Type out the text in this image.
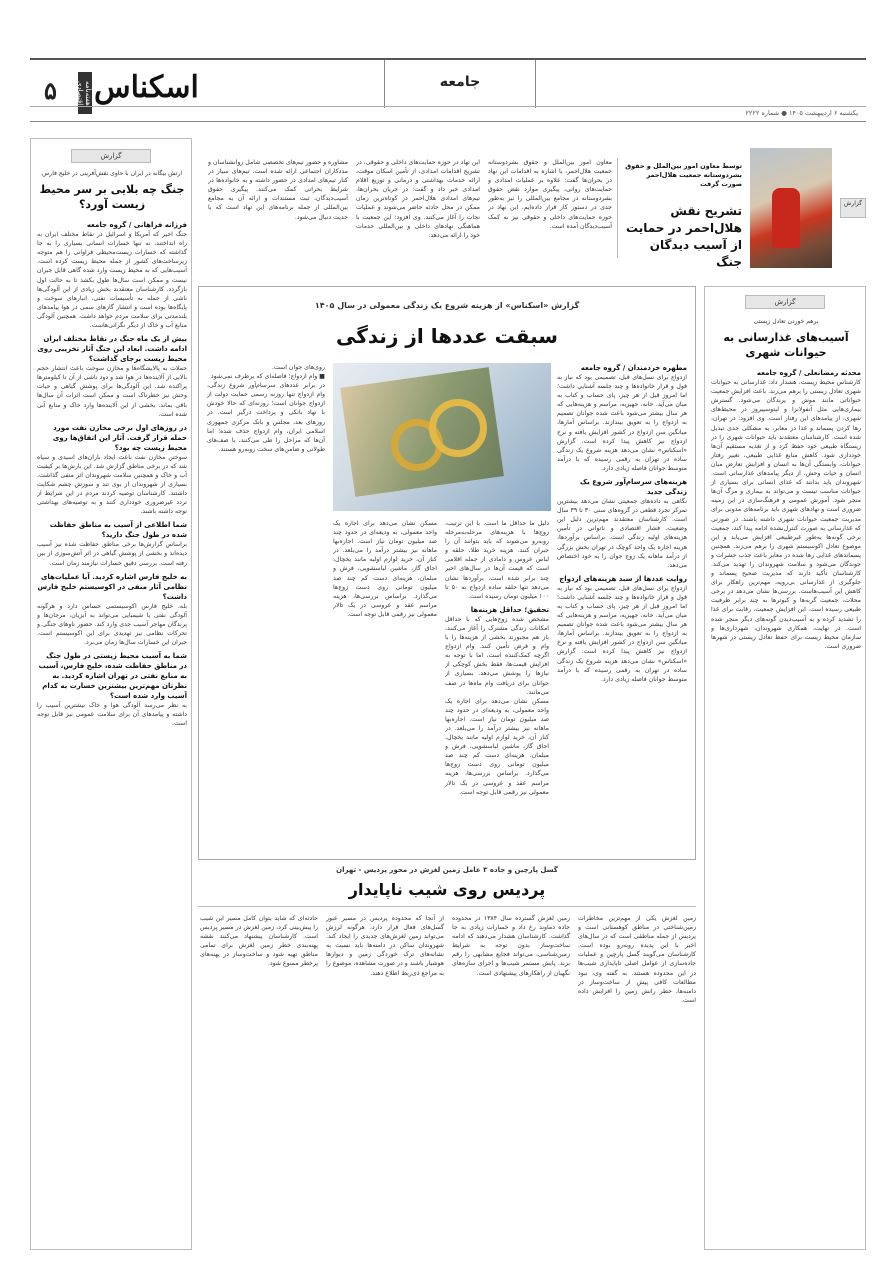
۵	هفته‌نامه اقتصادی اسکناس	جامعه
یکشنبه ۶ اردیبهشت ۱۴۰۵ ● شماره ۲۲۲۲
گزارش
توسط معاون امور بین‌الملل و حقوق بشردوستانه جمعیت هلال‌احمر صورت گرفت
تشریح نقش هلال‌احمر در حمایت از آسیب دیدگان جنگ
معاون امور بین‌الملل و حقوق بشردوستانه جمعیت هلال‌احمر، با اشاره به اقدامات این نهاد در بحران‌ها گفت: علاوه بر عملیات امدادی و حمایت‌های روانی، پیگیری موارد نقض حقوق بشردوستانه در مجامع بین‌المللی را نیز به‌طور جدی در دستور کار قرار داده‌ایم. این نهاد در حوزه حمایت‌های داخلی و حقوقی نیز به کمک آسیب‌دیدگان آمده است.
این نهاد در حوزه حمایت‌های داخلی و حقوقی، در تشریح اقدامات امدادی، از تأمین اسکان موقت، ارائه خدمات بهداشتی و درمانی و توزیع اقلام امدادی خبر داد و گفت: در جریان بحران‌ها، تیم‌های امدادی هلال‌احمر در کوتاه‌ترین زمان ممکن در محل حادثه حاضر می‌شوند و عملیات نجات را آغاز می‌کنند. وی افزود: این جمعیت با هماهنگی نهادهای داخلی و بین‌المللی خدمات خود را ارائه می‌دهد.
مشاوره و حضور تیم‌های تخصصی شامل روانشناسان و مددکاران اجتماعی ارائه شده است. تیم‌های سیار در کنار تیم‌های امدادی در حضور داشته و به خانواده‌ها در شرایط بحرانی کمک می‌کنند. پیگیری حقوق آسیب‌دیدگان، ثبت مستندات و ارائه آن به مجامع بین‌المللی از جمله برنامه‌های این نهاد است که با جدیت دنبال می‌شود.
گزارش
ارتش بیگانه در ایران با حاوی نقش‌آفرینی در خلیج فارس
جنگ چه بلایی بر سر محیط زیست آورد؟
فرزانه فراهانی / گروه جامعه
جنگ اخیر که آمریکا و اسرائیل در نقاط مختلف ایران به راه انداختند، نه تنها خسارات انسانی بسیاری را به جا گذاشته که خسارات زیست‌محیطی فراوانی را هم متوجه زیرساخت‌های کشور از جمله محیط زیست کرده است. آسیب‌هایی که به محیط زیست وارد شده گاهی قابل جبران نیست و ممکن است سال‌ها طول بکشد تا به حالت اول بازگردد. کارشناسان معتقدند بخش زیادی از این آلودگی‌ها ناشی از حمله به تأسیسات نفتی، انبارهای سوخت و پایگاه‌ها بوده است و انتشار گازهای سمی در هوا پیامدهای بلندمدتی برای سلامت مردم خواهد داشت. همچنین آلودگی منابع آب و خاک از دیگر نگرانی‌هاست.
بیش از یک ماه جنگ در نقاط مختلف ایران ادامه داشت. ابعاد این جنگ آثار تخریبی روی محیط زیست برجای گذاشت؟
حملات به پالایشگاه‌ها و مخازن سوخت باعث انتشار حجم بالایی از آلاینده‌ها در هوا شد و دود ناشی از آن تا کیلومترها پراکنده شد. این آلودگی‌ها برای پوشش گیاهی و حیات وحش نیز خطرناک است و ممکن است اثرات آن سال‌ها باقی بماند. بخشی از این آلاینده‌ها وارد خاک و منابع آبی شده است.
در روزهای اول برخی مخازن نفت مورد حمله قرار گرفت. آثار این اتفاق‌ها روی محیط زیست چه بود؟
سوختن مخازن نفت باعث ایجاد باران‌های اسیدی و سیاه شد که در برخی مناطق گزارش شد. این بارش‌ها بر کیفیت آب و خاک و همچنین سلامت شهروندان اثر منفی گذاشت. بسیاری از شهروندان از بوی تند و سوزش چشم شکایت داشتند. کارشناسان توصیه کردند مردم در این شرایط از تردد غیرضروری خودداری کنند و به توصیه‌های بهداشتی توجه داشته باشند.
شما اطلاعی از آسیب به مناطق حفاظت شده در طول جنگ دارید؟
براساس گزارش‌ها برخی مناطق حفاظت شده نیز آسیب دیده‌اند و بخشی از پوشش گیاهی در اثر آتش‌سوزی از بین رفته است. بررسی دقیق خسارات نیازمند زمان است.
به خلیج فارس اشاره کردید. آیا عملیات‌های نظامی آثار منفی در اکوسیستم خلیج فارس داشت؟
بله، خلیج فارس اکوسیستمی حساس دارد و هرگونه آلودگی نفتی یا شیمیایی می‌تواند به آبزیان، مرجان‌ها و پرندگان مهاجر آسیب جدی وارد کند. حضور ناوهای جنگی و تحرکات نظامی نیز تهدیدی برای این اکوسیستم است. جبران این خسارات سال‌ها زمان می‌برد.
شما به آسیب محیط زیستی در طول جنگ در مناطق حفاظت شده، خلیج فارس، آسیب به منابع نفتی در تهران اشاره کردید. به نظرتان مهم‌ترین بیشترین خسارت به کدام آسیب وارد شده است؟
به نظر می‌رسد آلودگی هوا و خاک بیشترین آسیب را داشته و پیامدهای آن برای سلامت عمومی نیز قابل توجه است.
گزارش
برهم خوردن تعادل زیستی
آسیب‌های غذارسانی به حیوانات شهری
محدثه رمضانعلی / گروه جامعه
کارشناس محیط زیست، هشدار داد: غذارسانی به حیوانات شهری تعادل زیستی را برهم می‌زند. باعث افزایش جمعیت حیواناتی مانند موش و پرندگان می‌شود. گسترش بیماری‌هایی مثل آنفولانزا و لپتوسپیروز در محیط‌های شهری، از پیامدهای این رفتار است. وی افزود: در تهران، رها کردن پسماند و غذا در معابر، به مشکلی جدی تبدیل شده است. کارشناسان معتقدند باید حیوانات شهری را در زیستگاه طبیعی خود حفظ کرد و از تغذیه مستقیم آن‌ها خودداری شود. کاهش منابع غذایی طبیعی، تغییر رفتار حیوانات، وابستگی آن‌ها به انسان و افزایش تعارض میان انسان و حیات وحش، از دیگر پیامدهای غذارسانی است. شهروندان باید بدانند که غذای انسانی برای بسیاری از حیوانات مناسب نیست و می‌تواند به بیماری و مرگ آن‌ها منجر شود. آموزش عمومی و فرهنگ‌سازی در این زمینه ضروری است و نهادهای شهری باید برنامه‌های مدونی برای مدیریت جمعیت حیوانات شهری داشته باشند. در صورتی که غذارسانی به صورت کنترل‌نشده ادامه پیدا کند، جمعیت برخی گونه‌ها به‌طور غیرطبیعی افزایش می‌یابد و این موضوع تعادل اکوسیستم شهری را برهم می‌زند. همچنین پسماندهای غذایی رها شده در معابر باعث جذب حشرات و جوندگان می‌شود و سلامت شهروندان را تهدید می‌کند. کارشناسان تأکید دارند که مدیریت صحیح پسماند و جلوگیری از غذارسانی بی‌رویه، مهم‌ترین راهکار برای کاهش این آسیب‌هاست. بررسی‌ها نشان می‌دهد در برخی محلات، جمعیت گربه‌ها و کبوترها به چند برابر ظرفیت طبیعی رسیده است. این افزایش جمعیت، رقابت برای غذا را تشدید کرده و به آسیب‌دیدن گونه‌های دیگر منجر شده است. در نهایت، همکاری شهروندان، شهرداری‌ها و سازمان محیط زیست برای حفظ تعادل زیستی در شهرها ضروری است.
گزارش «اسکناس» از هزینه شروع یک زندگی معمولی در سال ۱۴۰۵
سبقت عددها از زندگی
مطهره خردمندان / گروه جامعه
ازدواج برای نسل‌های قبل، تصمیمی بود که نیاز به قول و قرار خانواده‌ها و چند جلسه آشنایی داشت؛ اما امروز قبل از هر چیز، پای حساب و کتاب به میان می‌آید. خانه، جهیزیه، مراسم و هزینه‌هایی که هر سال بیشتر می‌شود باعث شده جوانان تصمیم به ازدواج را به تعویق بیندازند. براساس آمارها، میانگین سن ازدواج در کشور افزایش یافته و نرخ ازدواج نیز کاهش پیدا کرده است. گزارش «اسکناس» نشان می‌دهد هزینه شروع یک زندگی ساده در تهران به رقمی رسیده که با درآمد متوسط جوانان فاصله زیادی دارد.
هزینه‌های سرسام‌آور شروع یک زندگی جدید
نگاهی به داده‌های جمعیتی نشان می‌دهد بیشترین تمرکز تجرد قطعی در گروه‌های سنی ۳۰ تا ۳۹ سال است. کارشناسان معتقدند مهم‌ترین دلیل این وضعیت، فشار اقتصادی و ناتوانی در تأمین هزینه‌های اولیه زندگی است. براساس برآوردها، هزینه اجاره یک واحد کوچک در تهران بخش بزرگی از درآمد ماهانه یک زوج جوان را به خود اختصاص می‌دهد.
روایت عددها از سبد هزینه‌های ازدواج
ازدواج برای نسل‌های قبل، تصمیمی بود که نیاز به قول و قرار خانواده‌ها و چند جلسه آشنایی داشت؛ اما امروز قبل از هر چیز، پای حساب و کتاب به میان می‌آید. خانه، جهیزیه، مراسم و هزینه‌هایی که هر سال بیشتر می‌شود باعث شده جوانان تصمیم به ازدواج را به تعویق بیندازند. براساس آمارها، میانگین سن ازدواج در کشور افزایش یافته و نرخ ازدواج نیز کاهش پیدا کرده است. گزارش «اسکناس» نشان می‌دهد هزینه شروع یک زندگی ساده در تهران به رقمی رسیده که با درآمد متوسط جوانان فاصله زیادی دارد.
دلیل ما حداقل ما است. با این ترتیب، زوج‌ها با هزینه‌های مرحله‌به‌مرحله روبه‌رو می‌شوند که باید بتوانند آن را جبران کنند. هزینه خرید طلا، حلقه و لباس عروس و دامادی از جمله اقلامی است که قیمت آن‌ها در سال‌های اخیر چند برابر شده است. برآوردها نشان می‌دهد تنها حلقه ساده ازدواج به ۵۰ تا ۱۰۰ میلیون تومان رسیده است.
تحقیق؛ حداقل هزینه‌ها
مشخص شده زوج‌هایی که با حداقل امکانات زندگی مشترک را آغاز می‌کنند، باز هم مجبورند بخشی از هزینه‌ها را با وام و قرض تأمین کنند. وام ازدواج اگرچه کمک‌کننده است، اما با توجه به افزایش قیمت‌ها، فقط بخش کوچکی از نیازها را پوشش می‌دهد. بسیاری از جوانان برای دریافت وام ماه‌ها در صف می‌مانند.
مسکن نشان می‌دهد برای اجاره یک واحد معمولی، به ودیعه‌ای در حدود چند صد میلیون تومان نیاز است. اجاره‌بها ماهانه نیز بیشتر درآمد را می‌بلعد. در کنار آن، خرید لوازم اولیه مانند یخچال، اجاق گاز، ماشین لباسشویی، فرش و مبلمان، هزینه‌ای دست کم چند صد میلیون تومانی روی دست زوج‌ها می‌گذارد. براساس بررسی‌ها، هزینه مراسم عقد و عروسی در یک تالار معمولی نیز رقمی قابل توجه است.
مسکن نشان می‌دهد برای اجاره یک واحد معمولی، به ودیعه‌ای در حدود چند صد میلیون تومان نیاز است. اجاره‌بها ماهانه نیز بیشتر درآمد را می‌بلعد. در کنار آن، خرید لوازم اولیه مانند یخچال، اجاق گاز، ماشین لباسشویی، فرش و مبلمان، هزینه‌ای دست کم چند صد میلیون تومانی روی دست زوج‌ها می‌گذارد. براساس بررسی‌ها، هزینه مراسم عقد و عروسی در یک تالار معمولی نیز رقمی قابل توجه است.
روی‌های جوان است.
■ وام ازدواج؛ فاصله‌ای که برطرف نمی‌شود
در برابر عددهای سرسام‌آور شروع زندگی، وام ازدواج تنها روزنه رسمی حمایت دولت از ازدواج جوانان است؛ روزنه‌ای که حالا خودش با نهاد بانکی و پرداخت درگیر است. در روزهای بعد، مجلس و بانک مرکزی جمهوری اسلامی ایران، وام ازدواج حذف شده؛ اما آن‌ها که مراحل را طی می‌کنند، با صف‌های طولانی و ضامن‌های سخت روبه‌رو هستند.
گسل پارچین و جاده ۳ عامل زمین لغزش در محور پردیس - تهران
پردیس روی شیب ناپایدار
زمین لغزش یکی از مهم‌ترین مخاطرات زمین‌شناختی در مناطق کوهستانی است و پردیس از جمله مناطقی است که در سال‌های اخیر با این پدیده روبه‌رو بوده است. کارشناسان می‌گویند گسل پارچین و عملیات جاده‌سازی از عوامل اصلی ناپایداری شیب‌ها در این محدوده هستند. به گفته وی، نبود مطالعات کافی پیش از ساخت‌وساز در دامنه‌ها، خطر رانش زمین را افزایش داده است.
زمین لغزش گسترده سال ۱۳۸۴ در محدوده جاده دماوند رخ داد و خسارات زیادی به جا گذاشت. کارشناسان هشدار می‌دهند که ادامه ساخت‌وساز بدون توجه به شرایط زمین‌شناسی، می‌تواند فجایع مشابهی را رقم بزند. پایش مستمر شیب‌ها و اجرای سازه‌های نگهبان از راهکارهای پیشنهادی است.
از آنجا که محدوده پردیس در مسیر عبور گسل‌های فعال قرار دارد، هرگونه لرزش می‌تواند زمین لغزش‌های جدیدی را ایجاد کند. شهروندان ساکن در دامنه‌ها باید نسبت به نشانه‌های ترک خوردگی زمین و دیوارها هوشیار باشند و در صورت مشاهده، موضوع را به مراجع ذی‌ربط اطلاع دهند.
حادثه‌ای که شاید بتوان کامل مسیر این شیب را پیش‌بینی کرد، زمین لغزش در مسیر پردیس است. کارشناسان پیشنهاد می‌کنند نقشه پهنه‌بندی خطر زمین لغزش برای تمامی مناطق تهیه شود و ساخت‌وساز در پهنه‌های پرخطر ممنوع شود.
